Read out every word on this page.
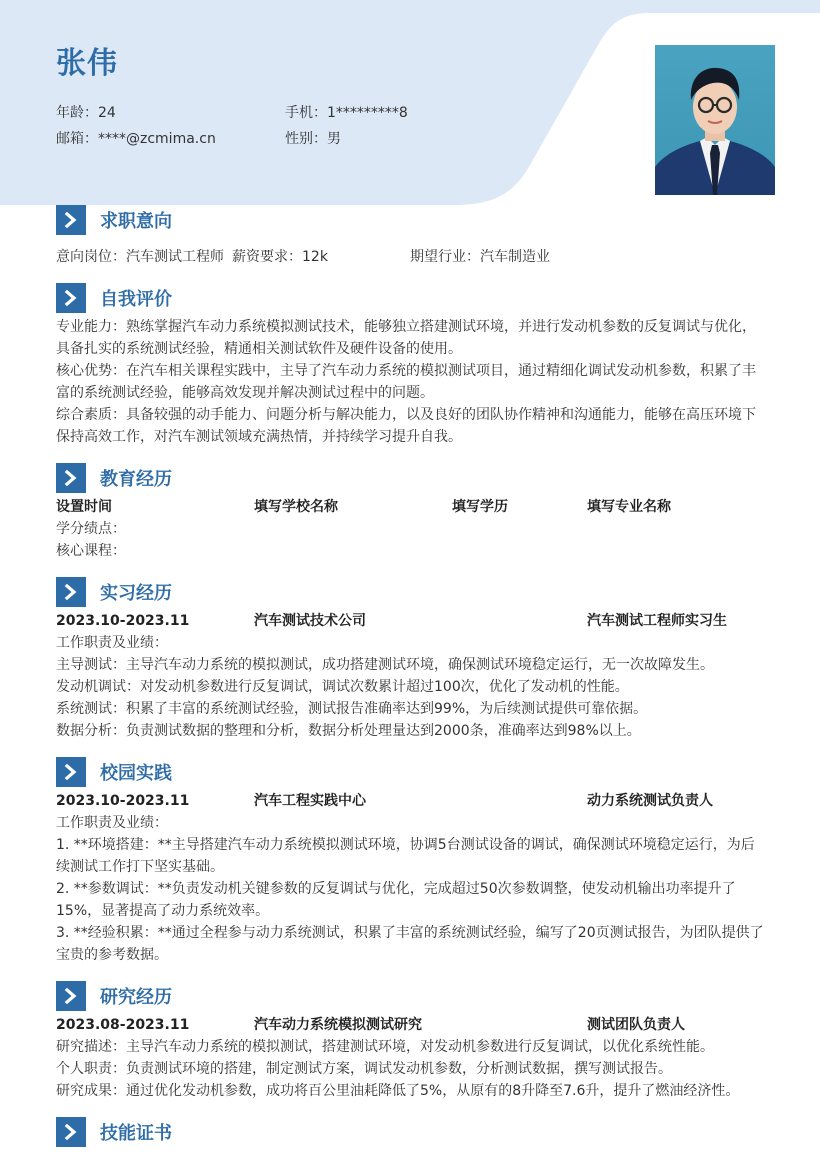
张伟
年龄：24	手机：1*********8
邮箱：****@zcmima.cn	性别：男
求职意向
意向岗位：汽车测试工程师 薪资要求：12k	期望行业：汽车制造业
自我评价

专业能力：熟练掌握汽车动力系统模拟测试技术，能够独立搭建测试环境，并进行发动机参数的反复调试与优化，具备扎实的系统测试经验，精通相关测试软件及硬件设备的使用。

核心优势：在汽车相关课程实践中，主导了汽车动力系统的模拟测试项目，通过精细化调试发动机参数，积累了丰富的系统测试经验，能够高效发现并解决测试过程中的问题。

综合素质：具备较强的动手能力、问题分析与解决能力，以及良好的团队协作精神和沟通能力，能够在高压环境下保持高效工作，对汽车测试领域充满热情，并持续学习提升自我。

教育经历
设置时间	填写学校名称	填写学历	填写专业名称

学分绩点：

核心课程：

实习经历
2023.10-2023.11	汽车测试技术公司	汽车测试工程师实习生

工作职责及业绩：

主导测试：主导汽车动力系统的模拟测试，成功搭建测试环境，确保测试环境稳定运行，无一次故障发生。

发动机调试：对发动机参数进行反复调试，调试次数累计超过100次，优化了发动机的性能。

系统测试：积累了丰富的系统测试经验，测试报告准确率达到99%，为后续测试提供可靠依据。

数据分析：负责测试数据的整理和分析，数据分析处理量达到2000条，准确率达到98%以上。

校园实践
2023.10-2023.11	汽车工程实践中心	动力系统测试负责人

工作职责及业绩：

1. **环境搭建：**主导搭建汽车动力系统模拟测试环境，协调5台测试设备的调试，确保测试环境稳定运行，为后续测试工作打下坚实基础。

2. **参数调试：**负责发动机关键参数的反复调试与优化，完成超过50次参数调整，使发动机输出功率提升了15%，显著提高了动力系统效率。

3. **经验积累：**通过全程参与动力系统测试，积累了丰富的系统测试经验，编写了20页测试报告，为团队提供了宝贵的参考数据。

研究经历
2023.08-2023.11	汽车动力系统模拟测试研究	测试团队负责人

研究描述：主导汽车动力系统的模拟测试，搭建测试环境，对发动机参数进行反复调试，以优化系统性能。

个人职责：负责测试环境的搭建，制定测试方案，调试发动机参数，分析测试数据，撰写测试报告。

研究成果：通过优化发动机参数，成功将百公里油耗降低了5%，从原有的8升降至7.6升，提升了燃油经济性。

技能证书
